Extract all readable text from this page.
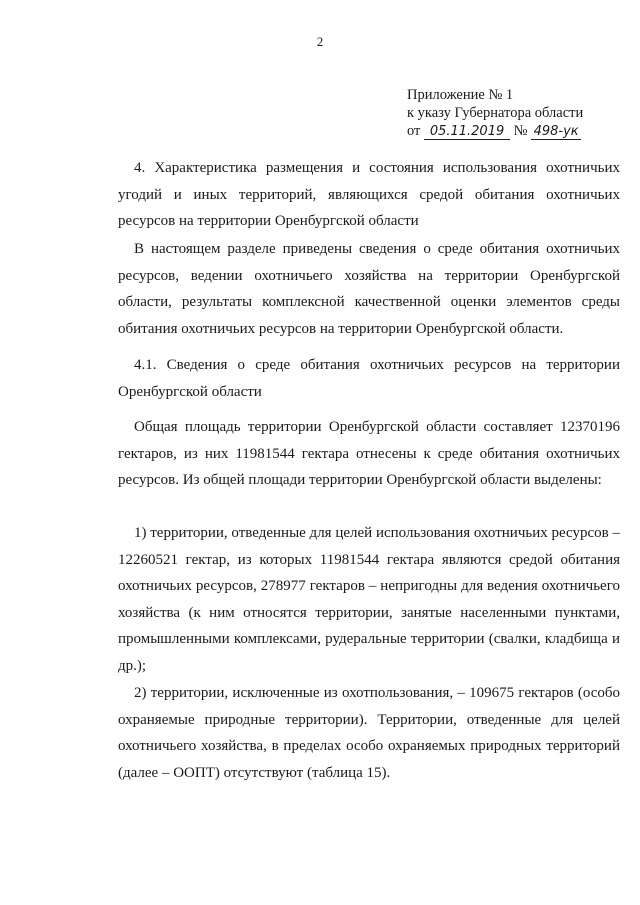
2
Приложение № 1
к указу Губернатора области
от 05.11.2019 № 498-ук

4. Характеристика размещения и состояния использования охотничьих угодий и иных территорий, являющихся средой обитания охотничьих ресурсов на территории Оренбургской области

В настоящем разделе приведены сведения о среде обитания охотничьих ресурсов, ведении охотничьего хозяйства на территории Оренбургской области, результаты комплексной качественной оценки элементов среды обитания охотничьих ресурсов на территории Оренбургской области.

4.1. Сведения о среде обитания охотничьих ресурсов на территории Оренбургской области

Общая площадь территории Оренбургской области составляет 12370196 гектаров, из них 11981544 гектара отнесены к среде обитания охотничьих ресурсов. Из общей площади территории Оренбургской области выделены:

1) территории, отведенные для целей использования охотничьих ресурсов – 12260521 гектар, из которых 11981544 гектара являются средой обитания охотничьих ресурсов, 278977 гектаров – непригодны для ведения охотничьего хозяйства (к ним относятся территории, занятые населенными пунктами, промышленными комплексами, рудеральные территории (свалки, кладбища и др.);

2) территории, исключенные из охотпользования, – 109675 гектаров (особо охраняемые природные территории). Территории, отведенные для целей охотничьего хозяйства, в пределах особо охраняемых природных территорий (далее – ООПТ) отсутствуют (таблица 15).
